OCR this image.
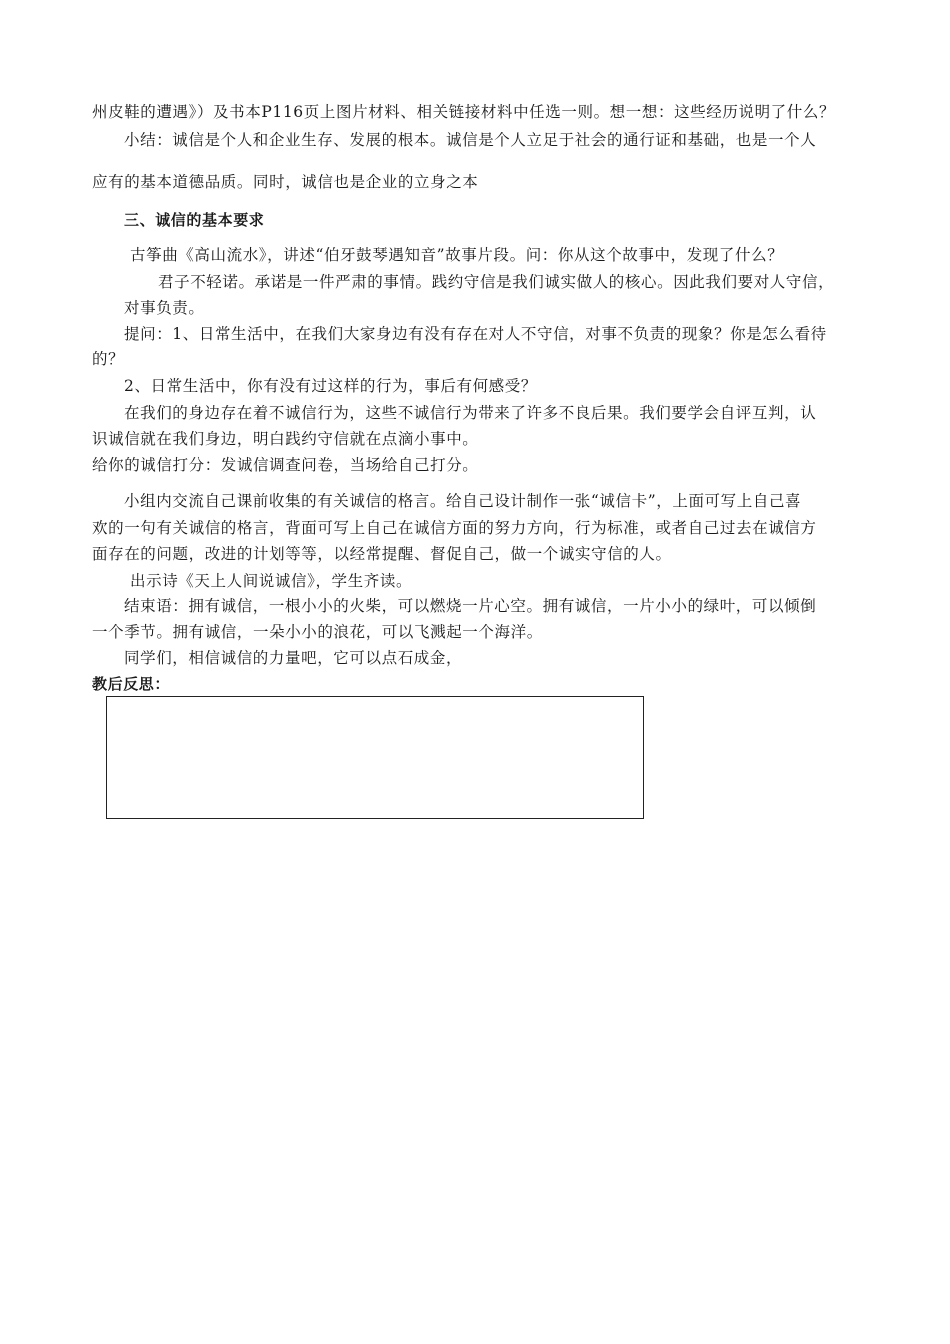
州皮鞋的遭遇》）及书本P116页上图片材料、相关链接材料中任选一则。想一想：这些经历说明了什么？
小结：诚信是个人和企业生存、发展的根本。诚信是个人立足于社会的通行证和基础，也是一个人
应有的基本道德品质。同时，诚信也是企业的立身之本
三、诚信的基本要求
古筝曲《高山流水》，讲述“伯牙鼓琴遇知音”故事片段。问：你从这个故事中，发现了什么？
君子不轻诺。承诺是一件严肃的事情。践约守信是我们诚实做人的核心。因此我们要对人守信，
对事负责。
提问：1、日常生活中，在我们大家身边有没有存在对人不守信，对事不负责的现象？你是怎么看待
的？
2、日常生活中，你有没有过这样的行为，事后有何感受？
在我们的身边存在着不诚信行为，这些不诚信行为带来了许多不良后果。我们要学会自评互判，认
识诚信就在我们身边，明白践约守信就在点滴小事中。
给你的诚信打分：发诚信调查问卷，当场给自己打分。
小组内交流自己课前收集的有关诚信的格言。给自己设计制作一张“诚信卡”，上面可写上自己喜
欢的一句有关诚信的格言，背面可写上自己在诚信方面的努力方向，行为标准，或者自己过去在诚信方
面存在的问题，改进的计划等等，以经常提醒、督促自己，做一个诚实守信的人。
出示诗《天上人间说诚信》，学生齐读。
结束语：拥有诚信，一根小小的火柴，可以燃烧一片心空。拥有诚信，一片小小的绿叶，可以倾倒
一个季节。拥有诚信，一朵小小的浪花，可以飞溅起一个海洋。
同学们，相信诚信的力量吧，它可以点石成金，
教后反思：
